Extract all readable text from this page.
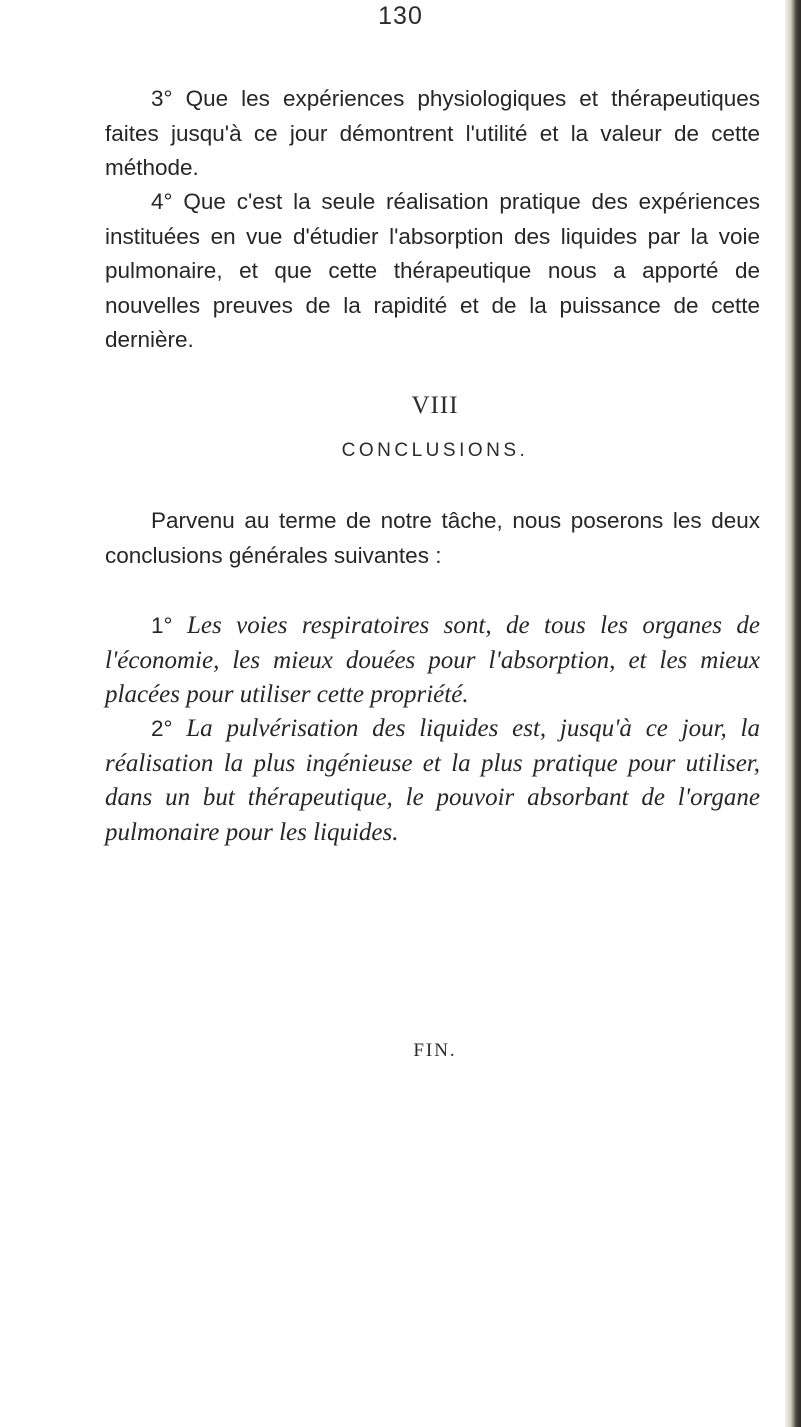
130

3° Que les expériences physiologiques et thérapeutiques faites jusqu'à ce jour démontrent l'utilité et la valeur de cette méthode.

4° Que c'est la seule réalisation pratique des expériences instituées en vue d'étudier l'absorption des liquides par la voie pulmonaire, et que cette thérapeutique nous a apporté de nouvelles preuves de la rapidité et de la puissance de cette dernière.

VIII
CONCLUSIONS.

Parvenu au terme de notre tâche, nous poserons les deux conclusions générales suivantes :

1° Les voies respiratoires sont, de tous les organes de l'économie, les mieux douées pour l'absorption, et les mieux placées pour utiliser cette propriété.

2° La pulvérisation des liquides est, jusqu'à ce jour, la réalisation la plus ingénieuse et la plus pratique pour utiliser, dans un but thérapeutique, le pouvoir absorbant de l'organe pulmonaire pour les liquides.

FIN.
